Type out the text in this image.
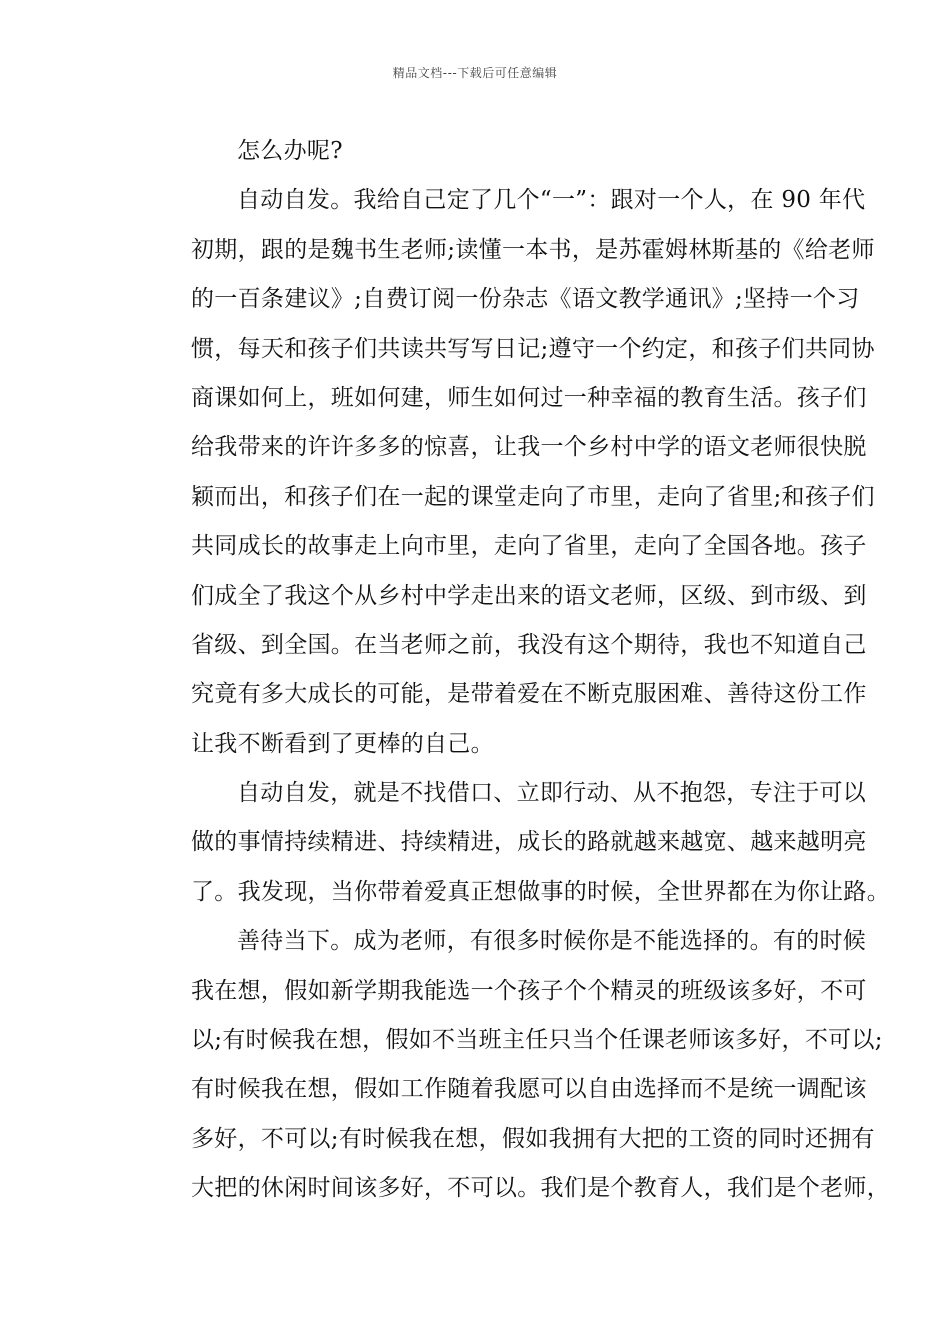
精品文档---下载后可任意编辑
怎么办呢?
自动自发。我给自己定了几个“一”：跟对一个人，在 90 年代
初期，跟的是魏书生老师;读懂一本书，是苏霍姆林斯基的《给老师
的一百条建议》;自费订阅一份杂志《语文教学通讯》;坚持一个习
惯，每天和孩子们共读共写写日记;遵守一个约定，和孩子们共同协
商课如何上，班如何建，师生如何过一种幸福的教育生活。孩子们
给我带来的许许多多的惊喜，让我一个乡村中学的语文老师很快脱
颖而出，和孩子们在一起的课堂走向了市里，走向了省里;和孩子们
共同成长的故事走上向市里，走向了省里，走向了全国各地。孩子
们成全了我这个从乡村中学走出来的语文老师，区级、到市级、到
省级、到全国。在当老师之前，我没有这个期待，我也不知道自己
究竟有多大成长的可能，是带着爱在不断克服困难、善待这份工作
让我不断看到了更棒的自己。
自动自发，就是不找借口、立即行动、从不抱怨，专注于可以
做的事情持续精进、持续精进，成长的路就越来越宽、越来越明亮
了。我发现，当你带着爱真正想做事的时候，全世界都在为你让路。
善待当下。成为老师，有很多时候你是不能选择的。有的时候
我在想，假如新学期我能选一个孩子个个精灵的班级该多好，不可
以;有时候我在想，假如不当班主任只当个任课老师该多好，不可以;
有时候我在想，假如工作随着我愿可以自由选择而不是统一调配该
多好，不可以;有时候我在想，假如我拥有大把的工资的同时还拥有
大把的休闲时间该多好，不可以。我们是个教育人，我们是个老师，
